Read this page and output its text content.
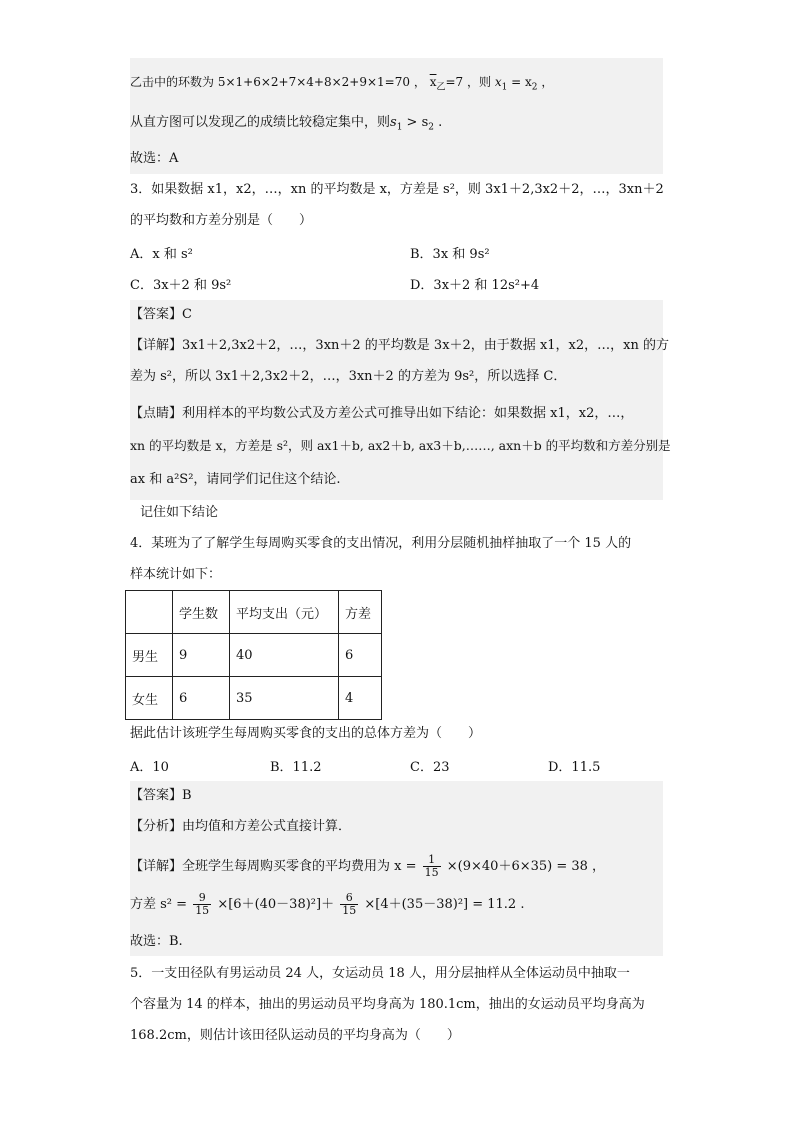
乙击中的环数为 5×1+6×2+7×4+8×2+9×1=70 ， $\overline{x}_乙=7$ ，则 $x_1 = x_2$ ，
从直方图可以发现乙的成绩比较稳定集中，则$s_1 > s_2$ .
故选：A
3．如果数据 x1，x2，…，xn 的平均数是 x，方差是 s²，则 3x1＋2,3x2＋2，…，3xn＋2
的平均数和方差分别是（　　）
A．x 和 s²	B．3x 和 9s²
C．3x＋2 和 9s²	D．3x＋2 和 12s²+4
【答案】C
【详解】3x1＋2,3x2＋2，…，3xn＋2 的平均数是 3x＋2，由于数据 x1，x2，…，xn 的方
差为 s²，所以 3x1＋2,3x2＋2，…，3xn＋2 的方差为 9s²，所以选择 C．
【点睛】利用样本的平均数公式及方差公式可推导出如下结论：如果数据 x1，x2，…，
xn 的平均数是 x，方差是 s²，则 ax1＋b, ax2＋b, ax3＋b,……, axn＋b 的平均数和方差分别是
ax 和 a²S²，请同学们记住这个结论.
记住如下结论
4．某班为了了解学生每周购买零食的支出情况，利用分层随机抽样抽取了一个 15 人的
样本统计如下：
	学生数	平均支出（元）	方差
男生	9	40	6
女生	6	35	4
据此估计该班学生每周购买零食的支出的总体方差为（　　）
A．10	B．11.2	C．23	D．11.5
【答案】B
【分析】由均值和方差公式直接计算．
【详解】全班学生每周购买零食的平均费用为 $x = \frac{1}{15} \times(9\times 40+6\times 35) = 38$ ，
方差 $s^2 = \frac{9}{15} \times[6+(40-38)^2]+ \frac{6}{15} \times[4+(35-38)^2] = 11.2$ .
故选：B.
5．一支田径队有男运动员 24 人，女运动员 18 人，用分层抽样从全体运动员中抽取一
个容量为 14 的样本，抽出的男运动员平均身高为 180.1cm，抽出的女运动员平均身高为
168.2cm，则估计该田径队运动员的平均身高为（　　）
